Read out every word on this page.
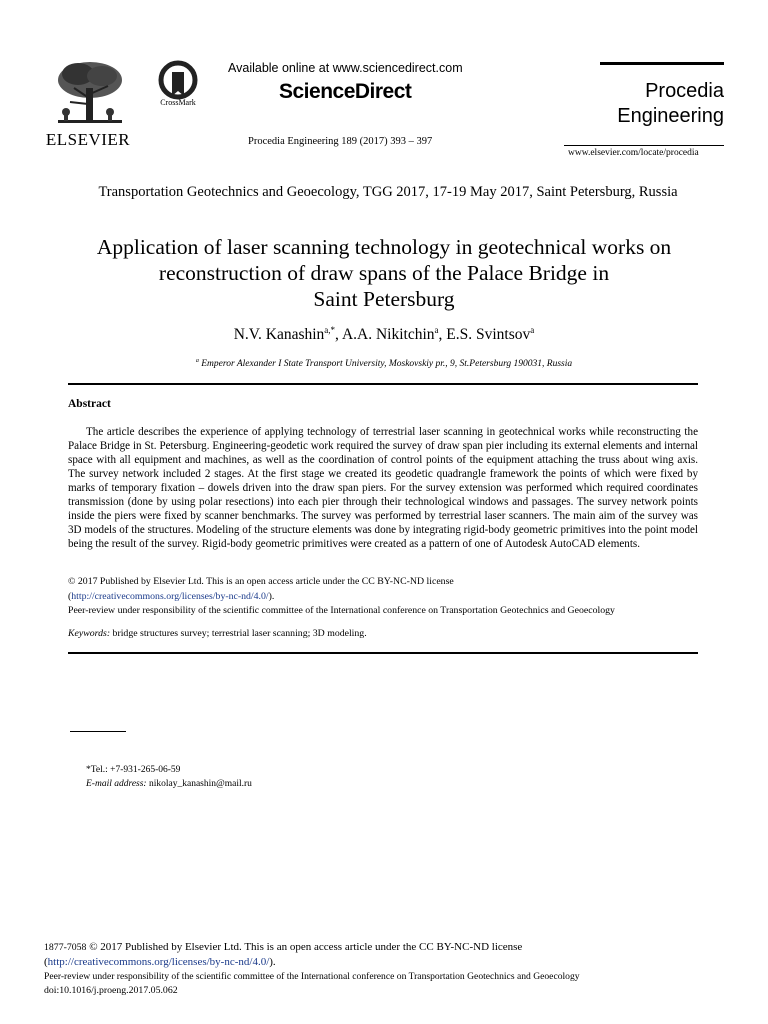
ELSEVIER
CrossMark
Available online at www.sciencedirect.com
ScienceDirect
Procedia Engineering 189 (2017) 393 – 397
Procedia
Engineering
www.elsevier.com/locate/procedia
Transportation Geotechnics and Geoecology, TGG 2017, 17-19 May 2017, Saint Petersburg, Russia
Application of laser scanning technology in geotechnical works on
reconstruction of draw spans of the Palace Bridge in
Saint Petersburg
N.V. Kanashin$^{a,*}$, A.A. Nikitchin$^a$, E.S. Svintsov$^a$
$^a$ Emperor Alexander I State Transport University, Moskovskiy pr., 9, St.Petersburg 190031, Russia
Abstract
The article describes the experience of applying technology of terrestrial laser scanning in geotechnical works while reconstructing the Palace Bridge in St. Petersburg. Engineering-geodetic work required the survey of draw span pier including its external elements and internal space with all equipment and machines, as well as the coordination of control points of the equipment attaching the truss about wing axis. The survey network included 2 stages. At the first stage we created its geodetic quadrangle framework the points of which were fixed by marks of temporary fixation – dowels driven into the draw span piers. For the survey extension was performed which required coordinates transmission (done by using polar resections) into each pier through their technological windows and passages. The survey network points inside the piers were fixed by scanner benchmarks. The survey was performed by terrestrial laser scanners. The main aim of the survey was 3D models of the structures. Modeling of the structure elements was done by integrating rigid-body geometric primitives into the point model being the result of the survey. Rigid-body geometric primitives were created as a pattern of one of Autodesk AutoCAD elements.
© 2017 Published by Elsevier Ltd. This is an open access article under the CC BY-NC-ND license
(http://creativecommons.org/licenses/by-nc-nd/4.0/).
Peer-review under responsibility of the scientific committee of the International conference on Transportation Geotechnics and Geoecology
Keywords: bridge structures survey; terrestrial laser scanning; 3D modeling.
*Tel.: +7-931-265-06-59
E-mail address: nikolay_kanashin@mail.ru
1877-7058 © 2017 Published by Elsevier Ltd. This is an open access article under the CC BY-NC-ND license
(http://creativecommons.org/licenses/by-nc-nd/4.0/).
Peer-review under responsibility of the scientific committee of the International conference on Transportation Geotechnics and Geoecology
doi:10.1016/j.proeng.2017.05.062
